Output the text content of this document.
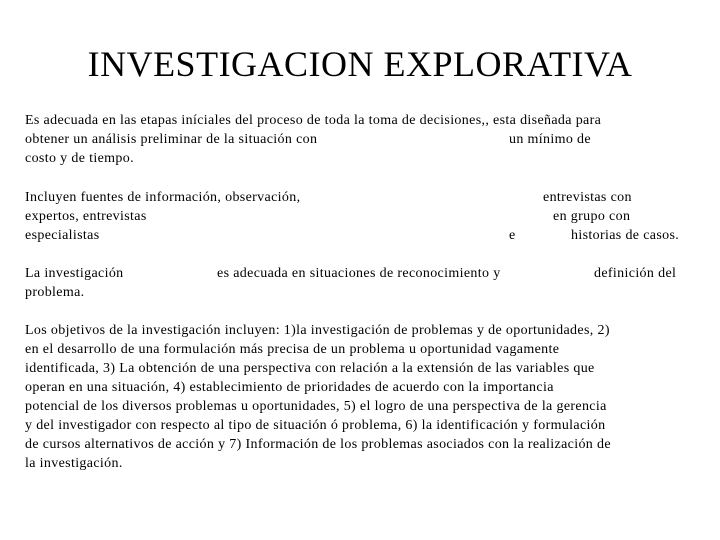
INVESTIGACION EXPLORATIVA
Es adecuada en las etapas iníciales del proceso de toda la toma de decisiones,, esta diseñada para
obtener un análisis preliminar de la situación con	un mínimo de
costo y de tiempo.
Incluyen fuentes de información, observación,	entrevistas con
expertos, entrevistas	en grupo con
especialistas	e	historias de casos.
La investigación	es adecuada en situaciones de reconocimiento y	definición del
problema.
Los objetivos de la investigación incluyen: 1)la investigación de problemas y de oportunidades, 2)
en el desarrollo de una formulación más precisa de un problema u oportunidad vagamente
identificada, 3) La obtención de una perspectiva con relación a la extensión de las variables que
operan en una situación, 4) establecimiento de prioridades de acuerdo con la importancia
potencial de los diversos problemas u oportunidades, 5) el logro de una perspectiva de la gerencia
y del investigador con respecto al tipo de situación ó problema, 6) la identificación y formulación
de cursos alternativos de acción y 7) Información de los problemas asociados con la realización de
la investigación.
